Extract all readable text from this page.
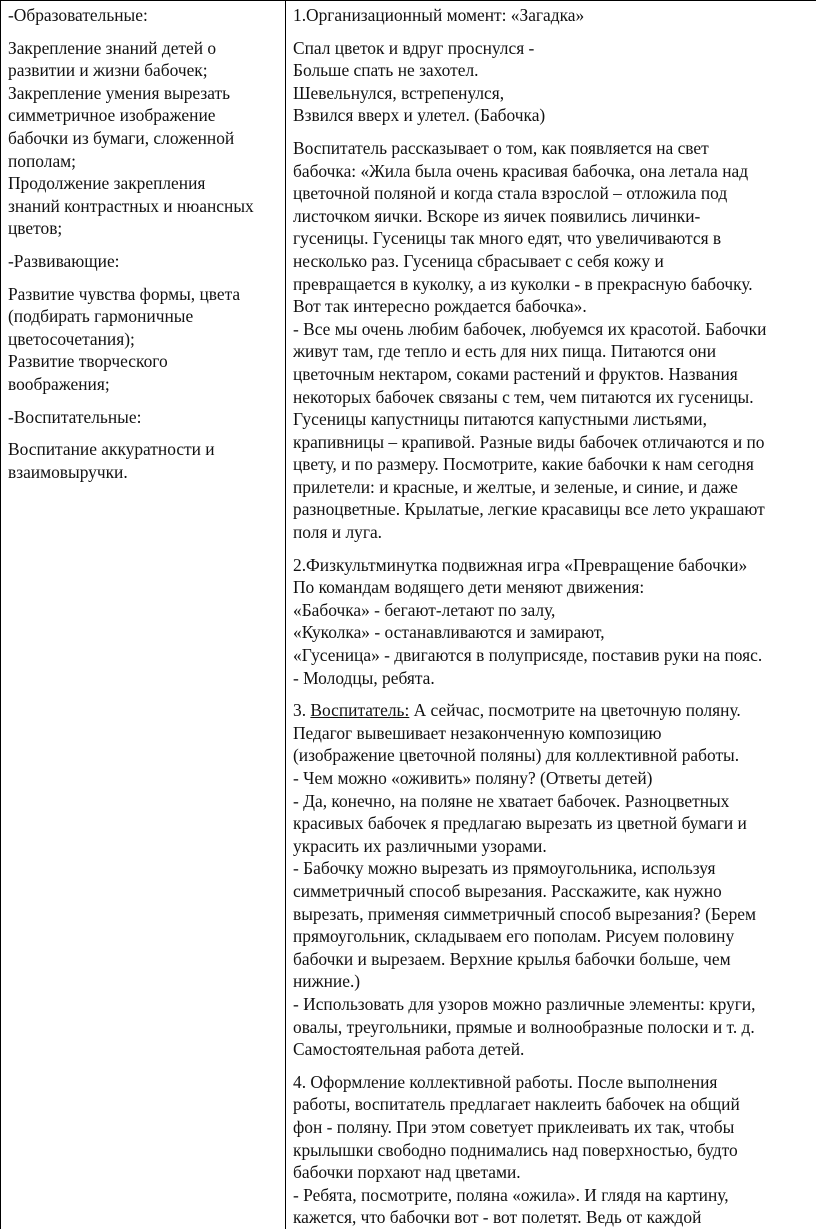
-Образовательные:

Закрепление знаний детей о
развитии и жизни бабочек;
Закрепление умения вырезать
симметричное изображение
бабочки из бумаги, сложенной
пополам;
Продолжение закрепления
знаний контрастных и нюансных
цветов;

-Развивающие:

Развитие чувства формы, цвета
(подбирать гармоничные
цветосочетания);
Развитие творческого
воображения;

-Воспитательные:

Воспитание аккуратности и
взаимовыручки.

1.Организационный момент: «Загадка»

Спал цветок и вдруг проснулся -

Больше спать не захотел.

Шевельнулся, встрепенулся,

Взвился вверх и улетел. (Бабочка)

Воспитатель рассказывает о том, как появляется на свет

бабочка: «Жила была очень красивая бабочка, она летала над

цветочной поляной и когда стала взрослой – отложила под

листочком яички. Вскоре из яичек появились личинки-

гусеницы. Гусеницы так много едят, что увеличиваются в

несколько раз. Гусеница сбрасывает с себя кожу и

превращается в куколку, а из куколки - в прекрасную бабочку.

Вот так интересно рождается бабочка».

- Все мы очень любим бабочек, любуемся их красотой. Бабочки

живут там, где тепло и есть для них пища. Питаются они

цветочным нектаром, соками растений и фруктов. Названия

некоторых бабочек связаны с тем, чем питаются их гусеницы.

Гусеницы капустницы питаются капустными листьями,

крапивницы – крапивой. Разные виды бабочек отличаются и по

цвету, и по размеру. Посмотрите, какие бабочки к нам сегодня

прилетели: и красные, и желтые, и зеленые, и синие, и даже

разноцветные. Крылатые, легкие красавицы все лето украшают

поля и луга.

2.Физкультминутка подвижная игра «Превращение бабочки»

По командам водящего дети меняют движения:

«Бабочка» - бегают-летают по залу,

«Куколка» - останавливаются и замирают,

«Гусеница» - двигаются в полуприсяде, поставив руки на пояс.

- Молодцы, ребята.

3. Воспитатель: А сейчас, посмотрите на цветочную поляну.

Педагог вывешивает незаконченную композицию

(изображение цветочной поляны) для коллективной работы.

- Чем можно «оживить» поляну? (Ответы детей)

- Да, конечно, на поляне не хватает бабочек. Разноцветных

красивых бабочек я предлагаю вырезать из цветной бумаги и

украсить их различными узорами.

- Бабочку можно вырезать из прямоугольника, используя

симметричный способ вырезания. Расскажите, как нужно

вырезать, применяя симметричный способ вырезания? (Берем

прямоугольник, складываем его пополам. Рисуем половину

бабочки и вырезаем. Верхние крылья бабочки больше, чем

нижние.)

- Использовать для узоров можно различные элементы: круги,

овалы, треугольники, прямые и волнообразные полоски и т. д.

Самостоятельная работа детей.

4. Оформление коллективной работы. После выполнения

работы, воспитатель предлагает наклеить бабочек на общий

фон - поляну. При этом советует приклеивать их так, чтобы

крылышки свободно поднимались над поверхностью, будто

бабочки порхают над цветами.

- Ребята, посмотрите, поляна «ожила». И глядя на картину,

кажется, что бабочки вот - вот полетят. Ведь от каждой
